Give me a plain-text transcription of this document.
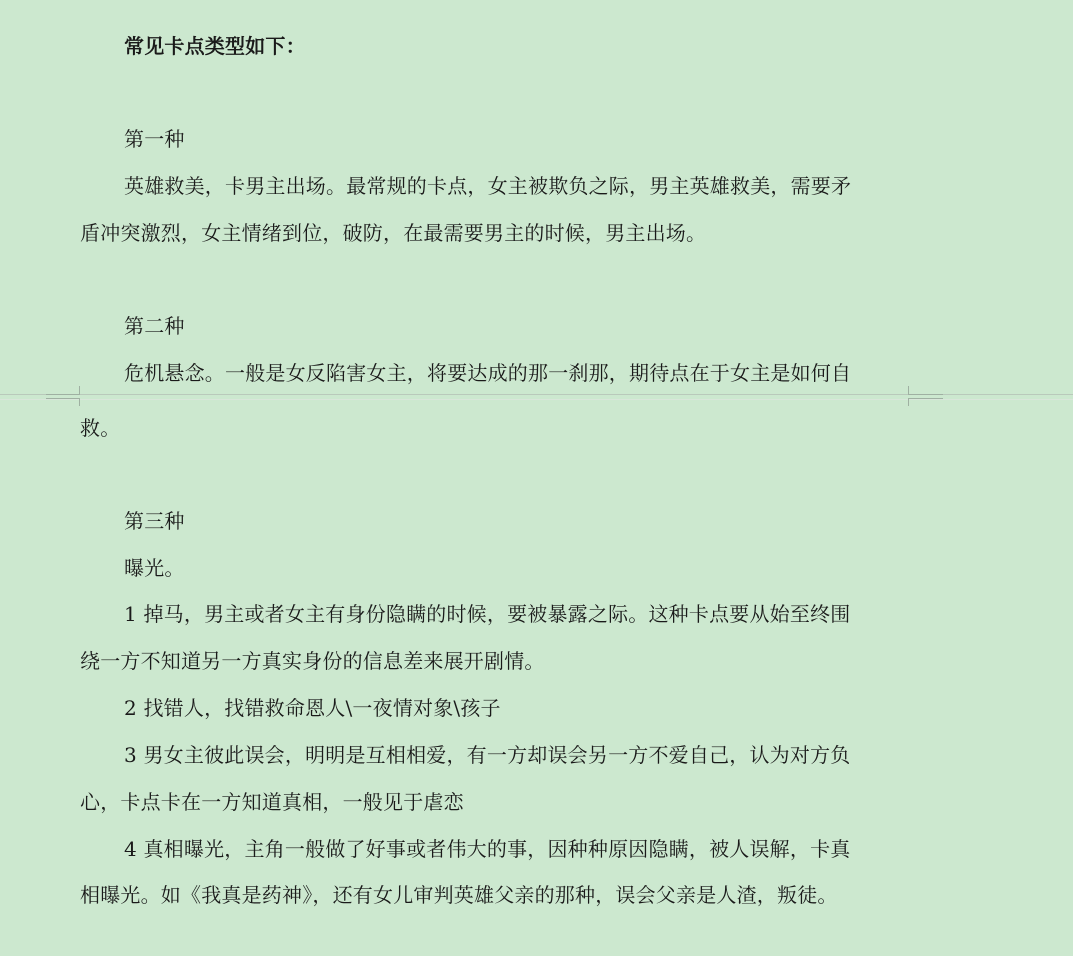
常见卡点类型如下：
第一种
英雄救美，卡男主出场。最常规的卡点，女主被欺负之际，男主英雄救美，需要矛
盾冲突激烈，女主情绪到位，破防，在最需要男主的时候，男主出场。
第二种
危机悬念。一般是女反陷害女主，将要达成的那一刹那，期待点在于女主是如何自
救。
第三种
曝光。
1 掉马，男主或者女主有身份隐瞒的时候，要被暴露之际。这种卡点要从始至终围
绕一方不知道另一方真实身份的信息差来展开剧情。
2 找错人，找错救命恩人\一夜情对象\孩子
3 男女主彼此误会，明明是互相相爱，有一方却误会另一方不爱自己，认为对方负
心，卡点卡在一方知道真相，一般见于虐恋
4 真相曝光，主角一般做了好事或者伟大的事，因种种原因隐瞒，被人误解，卡真
相曝光。如《我真是药神》，还有女儿审判英雄父亲的那种，误会父亲是人渣，叛徒。
